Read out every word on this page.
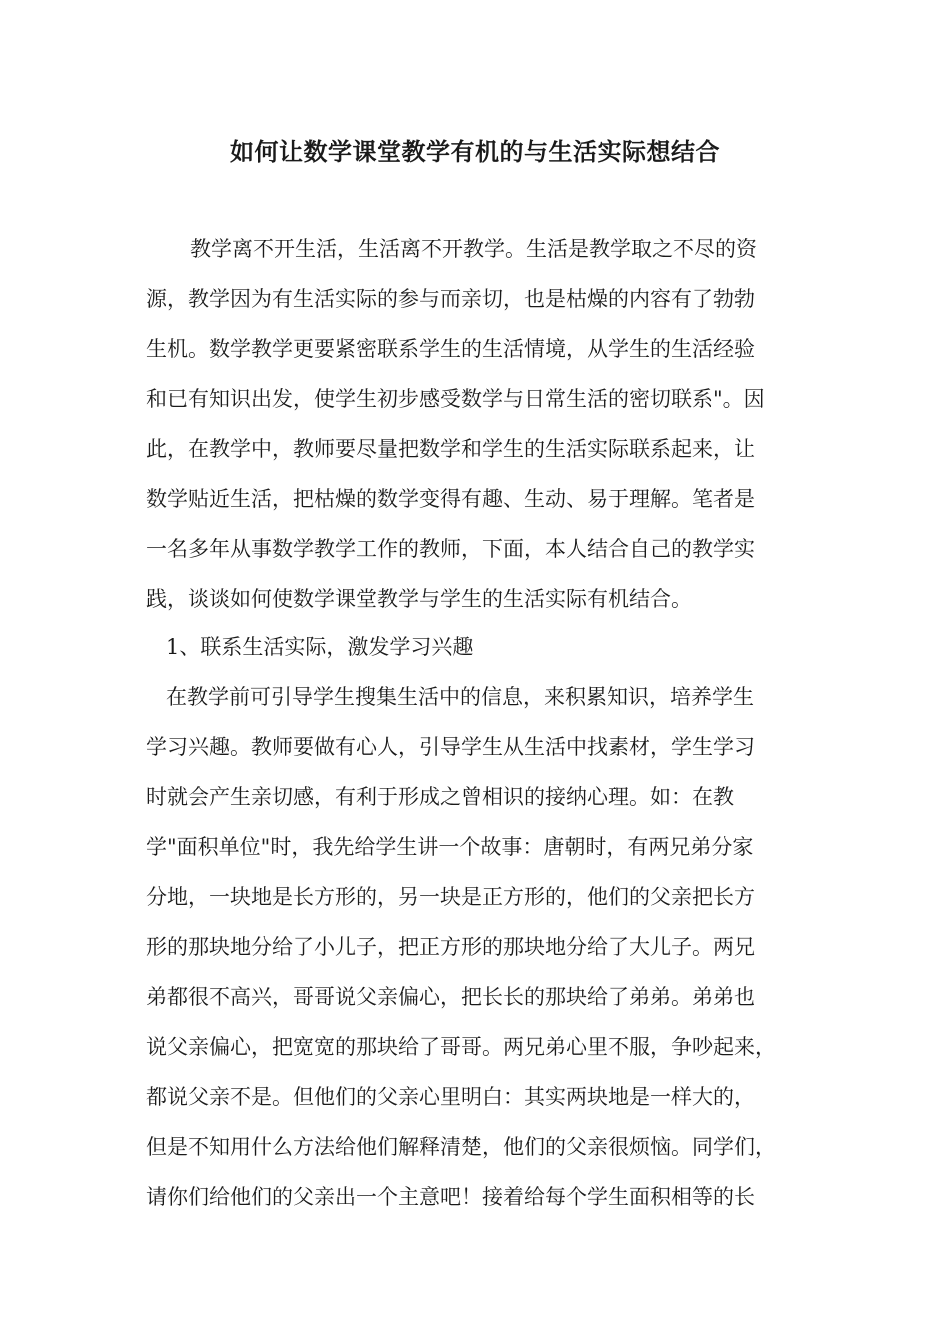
如何让数学课堂教学有机的与生活实际想结合

教学离不开生活，生活离不开教学。生活是教学取之不尽的资

源，教学因为有生活实际的参与而亲切，也是枯燥的内容有了勃勃

生机。数学教学更要紧密联系学生的生活情境，从学生的生活经验

和已有知识出发，使学生初步感受数学与日常生活的密切联系"。因

此，在教学中，教师要尽量把数学和学生的生活实际联系起来，让

数学贴近生活，把枯燥的数学变得有趣、生动、易于理解。笔者是

一名多年从事数学教学工作的教师，下面，本人结合自己的教学实

践，谈谈如何使数学课堂教学与学生的生活实际有机结合。

1、联系生活实际，激发学习兴趣

在教学前可引导学生搜集生活中的信息，来积累知识，培养学生

学习兴趣。教师要做有心人，引导学生从生活中找素材，学生学习

时就会产生亲切感，有利于形成之曾相识的接纳心理。如：在教

学"面积单位"时，我先给学生讲一个故事：唐朝时，有两兄弟分家

分地，一块地是长方形的，另一块是正方形的，他们的父亲把长方

形的那块地分给了小儿子，把正方形的那块地分给了大儿子。两兄

弟都很不高兴，哥哥说父亲偏心，把长长的那块给了弟弟。弟弟也

说父亲偏心，把宽宽的那块给了哥哥。两兄弟心里不服，争吵起来，

都说父亲不是。但他们的父亲心里明白：其实两块地是一样大的，

但是不知用什么方法给他们解释清楚，他们的父亲很烦恼。同学们，

请你们给他们的父亲出一个主意吧！接着给每个学生面积相等的长
